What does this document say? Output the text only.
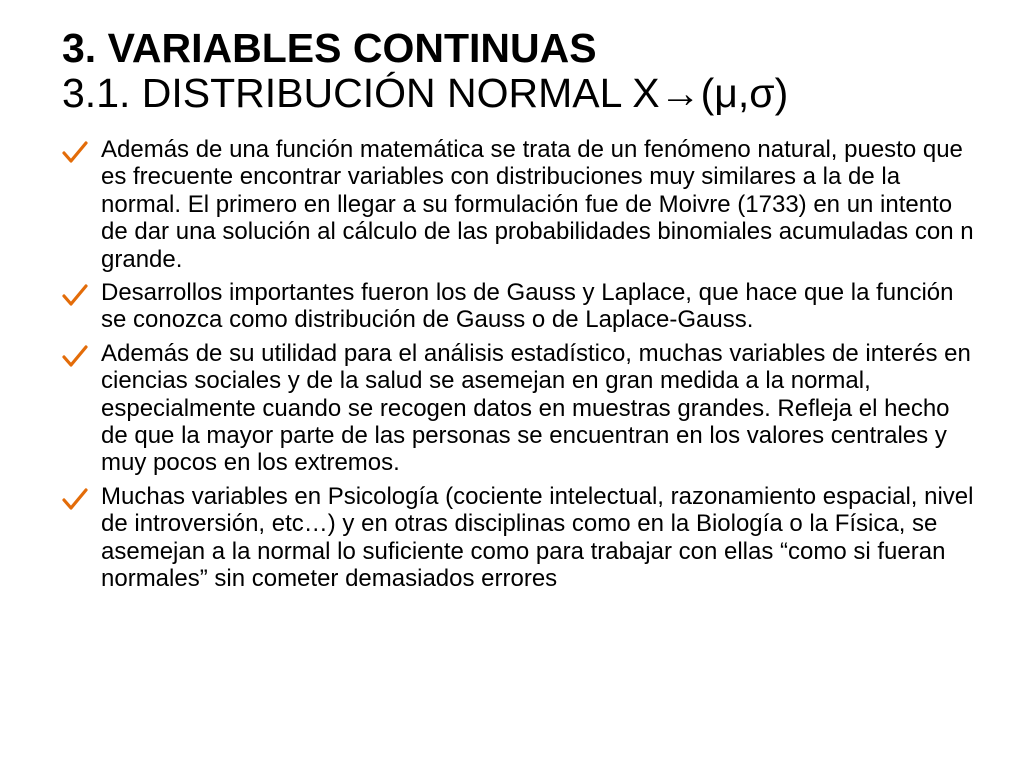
3. VARIABLES CONTINUAS
3.1. DISTRIBUCIÓN NORMAL X→(μ,σ)
Además de una función matemática se trata de un fenómeno natural, puesto que es frecuente encontrar variables con distribuciones muy similares a la de la normal. El primero en llegar a su formulación fue de Moivre (1733) en un intento de dar una solución al cálculo de las probabilidades binomiales acumuladas con n grande.
Desarrollos importantes fueron los de Gauss y Laplace, que hace que la función se conozca como distribución de Gauss o de Laplace-Gauss.
Además de su utilidad para el análisis estadístico, muchas variables de interés en ciencias sociales y de la salud se asemejan en gran medida a la normal, especialmente cuando se recogen datos en muestras grandes. Refleja el hecho de que la mayor parte de las personas se encuentran en los valores centrales y muy pocos en los extremos.
Muchas variables en Psicología (cociente intelectual, razonamiento espacial, nivel de introversión, etc…) y en otras disciplinas como en la Biología o la Física, se asemejan a la normal lo suficiente como para trabajar con ellas “como si fueran normales” sin cometer demasiados errores
